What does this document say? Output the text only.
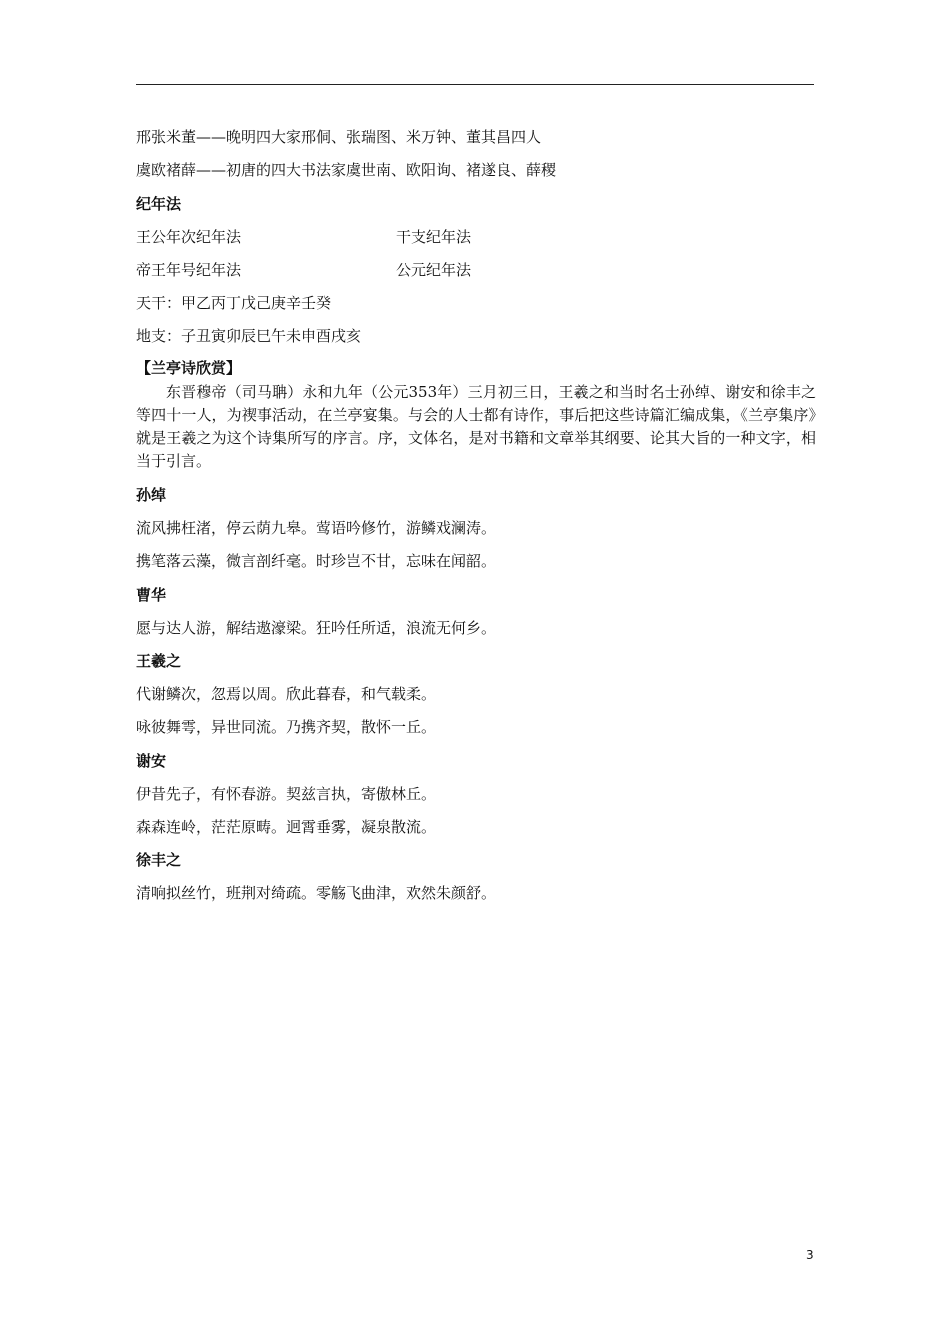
邢张米董——晚明四大家邢侗、张瑞图、米万钟、董其昌四人
虞欧褚薛——初唐的四大书法家虞世南、欧阳询、褚遂良、薛稷
纪年法
王公年次纪年法	干支纪年法
帝王年号纪年法	公元纪年法
天干：甲乙丙丁戊己庚辛壬癸
地支：子丑寅卯辰巳午未申酉戌亥
【兰亭诗欣赏】
东晋穆帝（司马聃）永和九年（公元353年）三月初三日，王羲之和当时名士孙绰、谢安和徐丰之等四十一人，为禊事活动，在兰亭宴集。与会的人士都有诗作，事后把这些诗篇汇编成集，《兰亭集序》就是王羲之为这个诗集所写的序言。序，文体名，是对书籍和文章举其纲要、论其大旨的一种文字，相当于引言。
孙绰
流风拂枉渚，停云荫九皋。莺语吟修竹，游鳞戏澜涛。
携笔落云藻，微言剖纤毫。时珍岂不甘，忘味在闻韶。
曹华
愿与达人游，解结遨濠梁。狂吟任所适，浪流无何乡。
王羲之
代谢鳞次，忽焉以周。欣此暮春，和气载柔。
咏彼舞雩，异世同流。乃携齐契，散怀一丘。
谢安
伊昔先子，有怀春游。契兹言执，寄傲林丘。
森森连岭，茫茫原畴。迥霄垂雾，凝泉散流。
徐丰之
清响拟丝竹，班荆对绮疏。零觞飞曲津，欢然朱颜舒。
3
